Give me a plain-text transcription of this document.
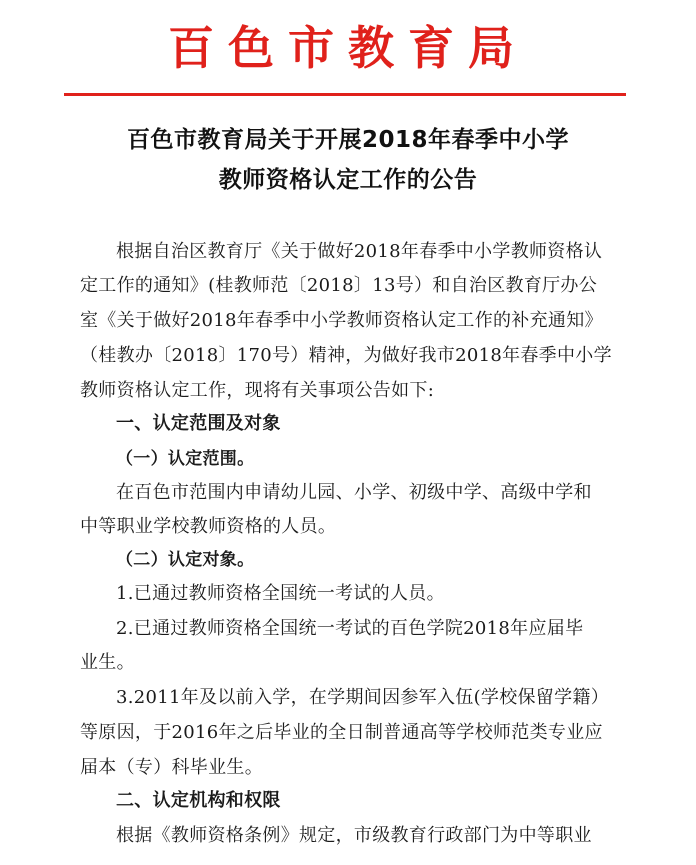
百色市教育局
百色市教育局关于开展2018年春季中小学
教师资格认定工作的公告
根据自治区教育厅《关于做好2018年春季中小学教师资格认
定工作的通知》(桂教师范〔2018〕13号）和自治区教育厅办公
室《关于做好2018年春季中小学教师资格认定工作的补充通知》
（桂教办〔2018〕170号）精神，为做好我市2018年春季中小学
教师资格认定工作，现将有关事项公告如下:
一、认定范围及对象
（一）认定范围。
在百色市范围内申请幼儿园、小学、初级中学、高级中学和
中等职业学校教师资格的人员。
（二）认定对象。
1.已通过教师资格全国统一考试的人员。
2.已通过教师资格全国统一考试的百色学院2018年应届毕
业生。
3.2011年及以前入学，在学期间因参军入伍(学校保留学籍）
等原因，于2016年之后毕业的全日制普通高等学校师范类专业应
届本（专）科毕业生。
二、认定机构和权限
根据《教师资格条例》规定，市级教育行政部门为中等职业
